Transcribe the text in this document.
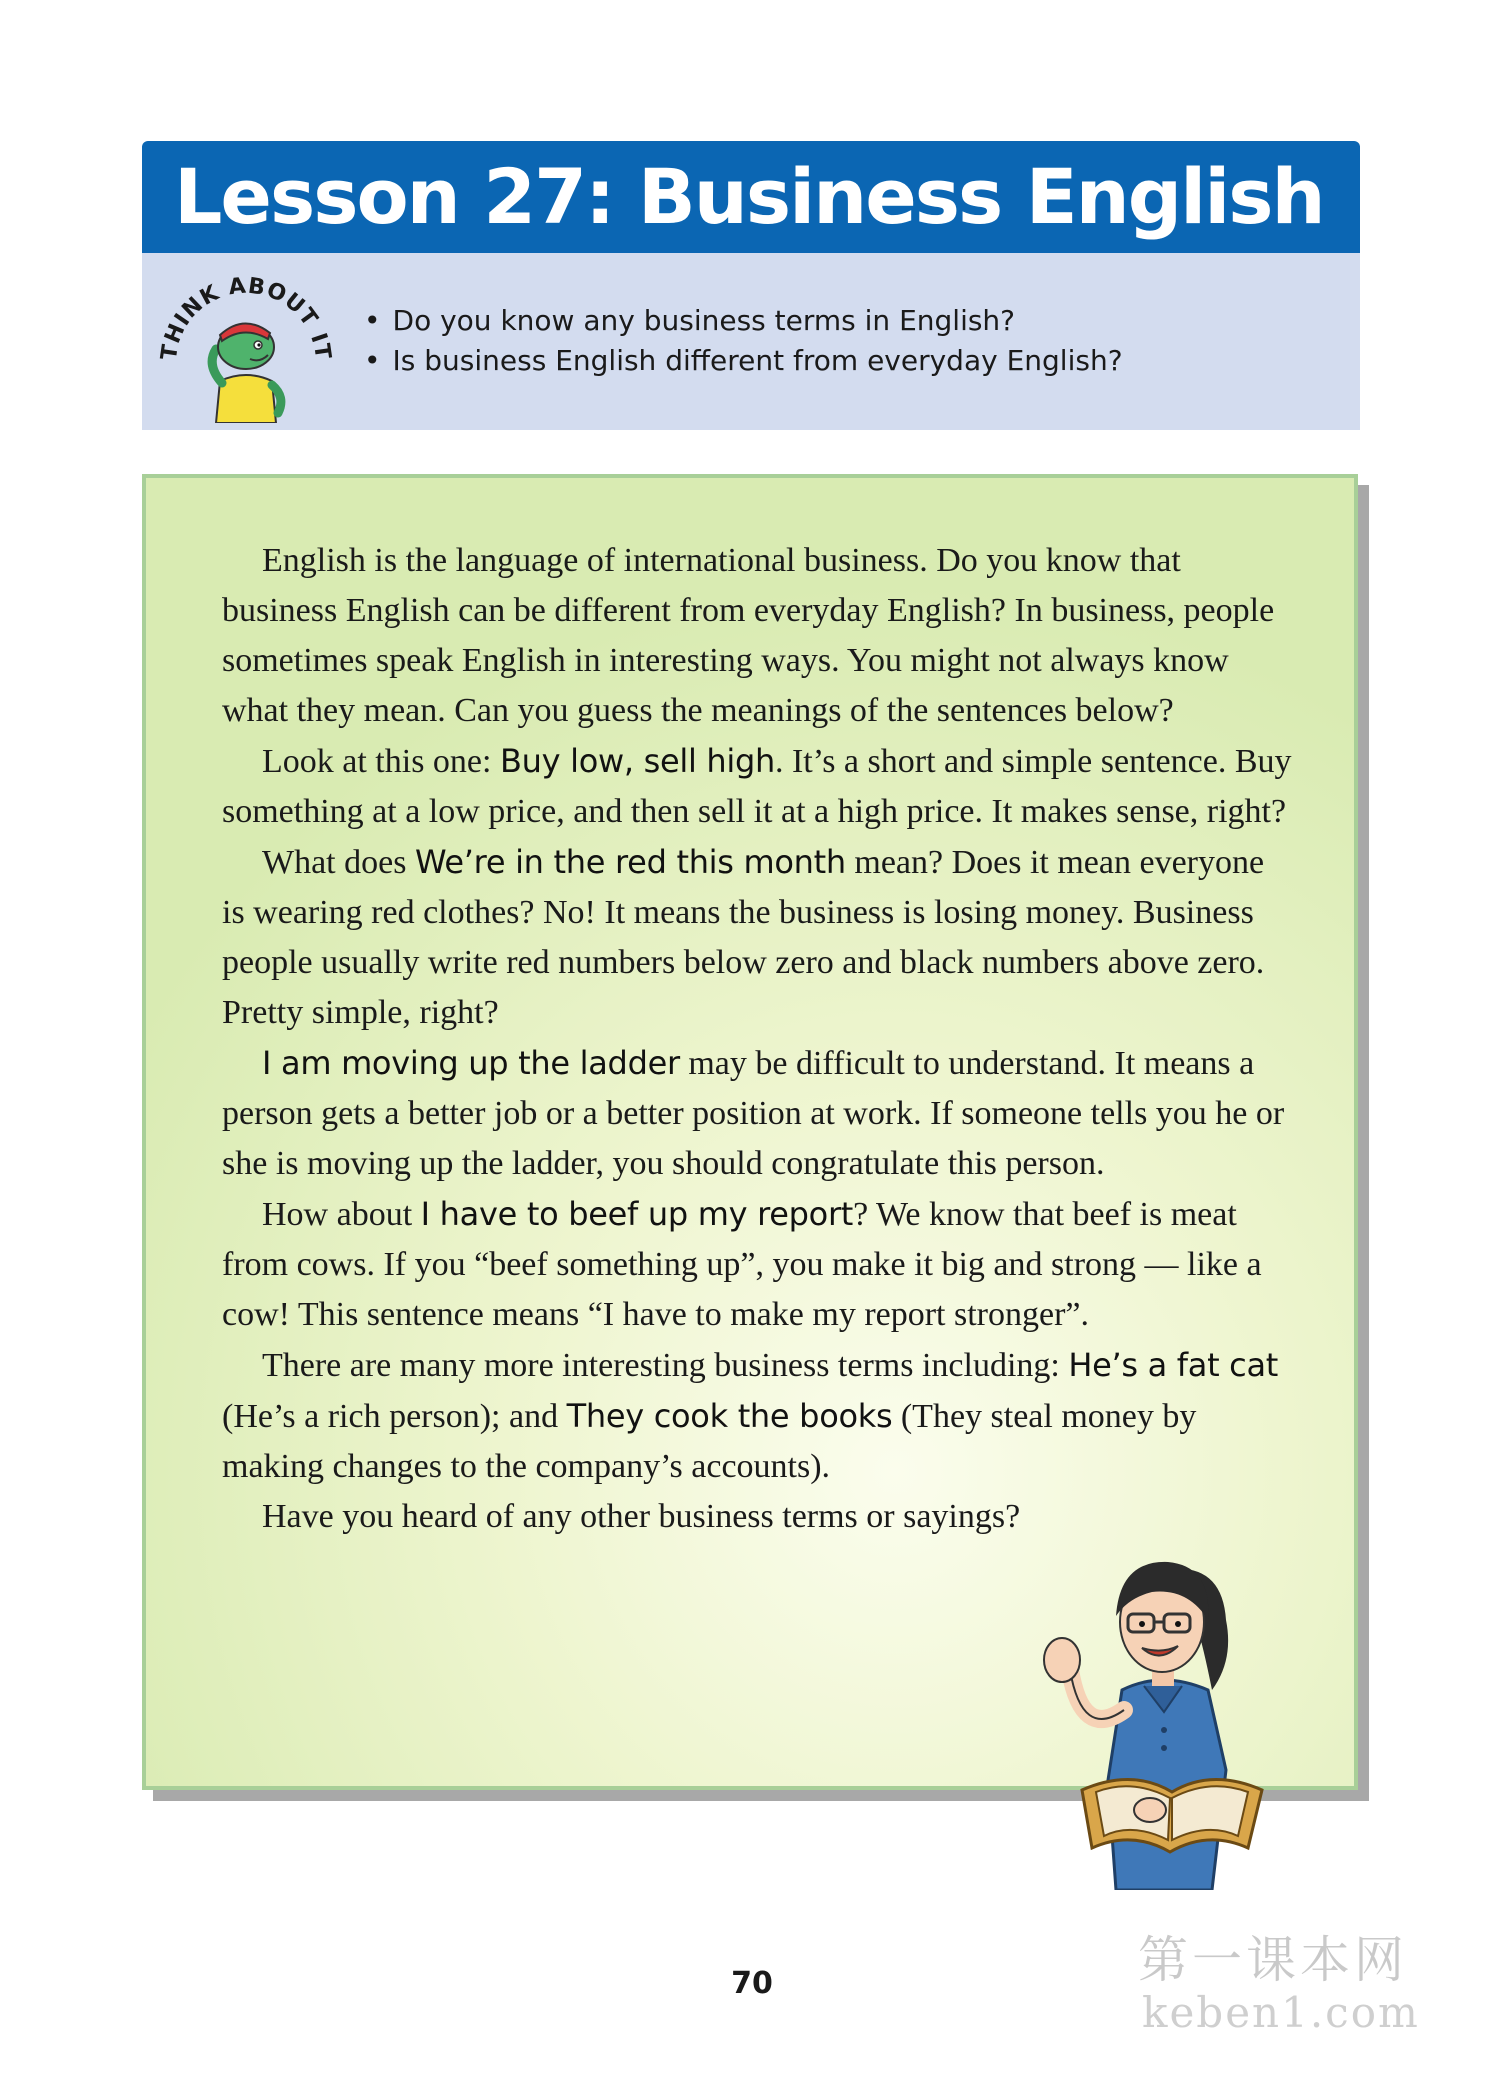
Lesson 27: Business English
THINK ABOUT IT
• Do you know any business terms in English?
• Is business English different from everyday English?

English is the language of international business. Do you know that business English can be different from everyday English? In business, people sometimes speak English in interesting ways. You might not always know what they mean. Can you guess the meanings of the sentences below?

Look at this one: Buy low, sell high. It’s a short and simple sentence. Buy something at a low price, and then sell it at a high price. It makes sense, right?

What does We’re in the red this month mean? Does it mean everyone is wearing red clothes? No! It means the business is losing money. Business people usually write red numbers below zero and black numbers above zero. Pretty simple, right?

I am moving up the ladder may be difficult to understand. It means a person gets a better job or a better position at work. If someone tells you he or she is moving up the ladder, you should congratulate this person.

How about I have to beef up my report? We know that beef is meat from cows. If you “beef something up”, you make it big and strong — like a cow! This sentence means “I have to make my report stronger”.

There are many more interesting business terms including: He’s a fat cat (He’s a rich person); and They cook the books (They steal money by making changes to the company’s accounts).

Have you heard of any other business terms or sayings?

70	第一课本网
keben1.com
